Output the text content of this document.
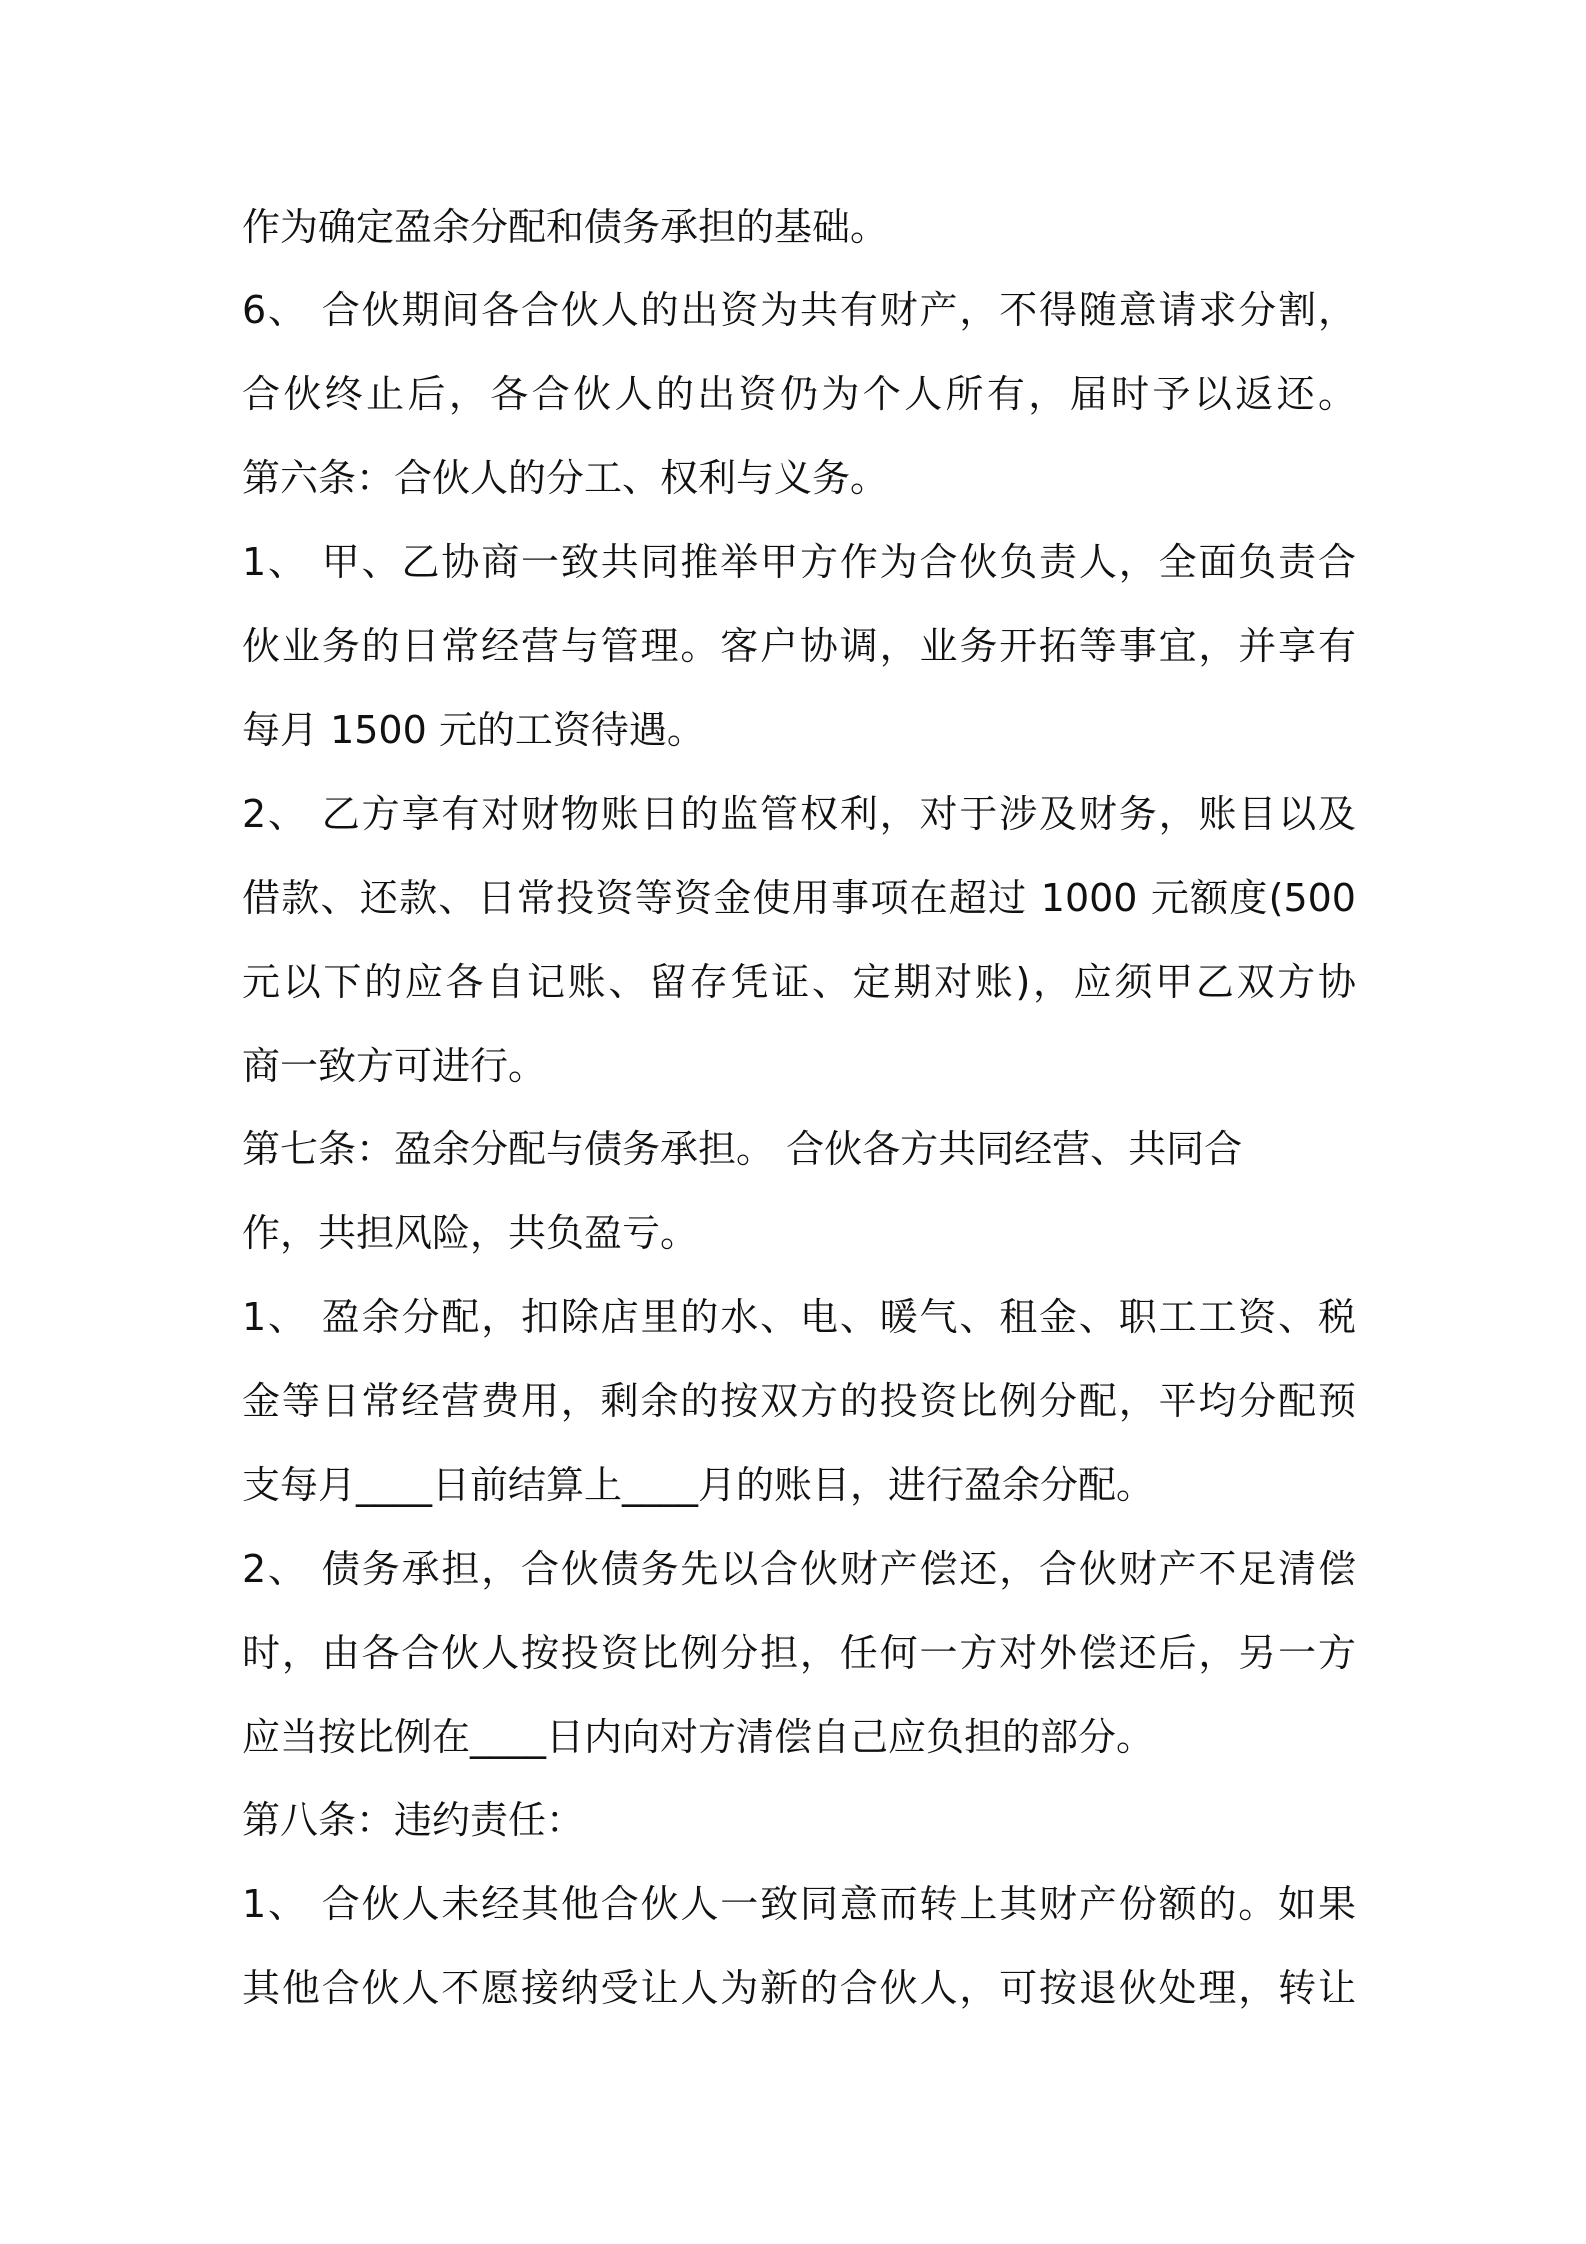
作为确定盈余分配和债务承担的基础。
6、 合伙期间各合伙人的出资为共有财产，不得随意请求分割，
合伙终止后，各合伙人的出资仍为个人所有，届时予以返还。
第六条：合伙人的分工、权利与义务。
1、 甲、乙协商一致共同推举甲方作为合伙负责人，全面负责合
伙业务的日常经营与管理。客户协调，业务开拓等事宜，并享有
每月 1500 元的工资待遇。
2、 乙方享有对财物账日的监管权利，对于涉及财务，账目以及
借款、还款、日常投资等资金使用事项在超过 1000 元额度(500
元以下的应各自记账、留存凭证、定期对账)，应须甲乙双方协
商一致方可进行。
第七条：盈余分配与债务承担。 合伙各方共同经营、共同合
作，共担风险，共负盈亏。
1、 盈余分配，扣除店里的水、电、暖气、租金、职工工资、税
金等日常经营费用，剩余的按双方的投资比例分配，平均分配预
支每月____日前结算上____月的账目，进行盈余分配。
2、 债务承担，合伙债务先以合伙财产偿还，合伙财产不足清偿
时，由各合伙人按投资比例分担，任何一方对外偿还后，另一方
应当按比例在____日内向对方清偿自己应负担的部分。
第八条：违约责任：
1、 合伙人未经其他合伙人一致同意而转上其财产份额的。如果
其他合伙人不愿接纳受让人为新的合伙人，可按退伙处理，转让
